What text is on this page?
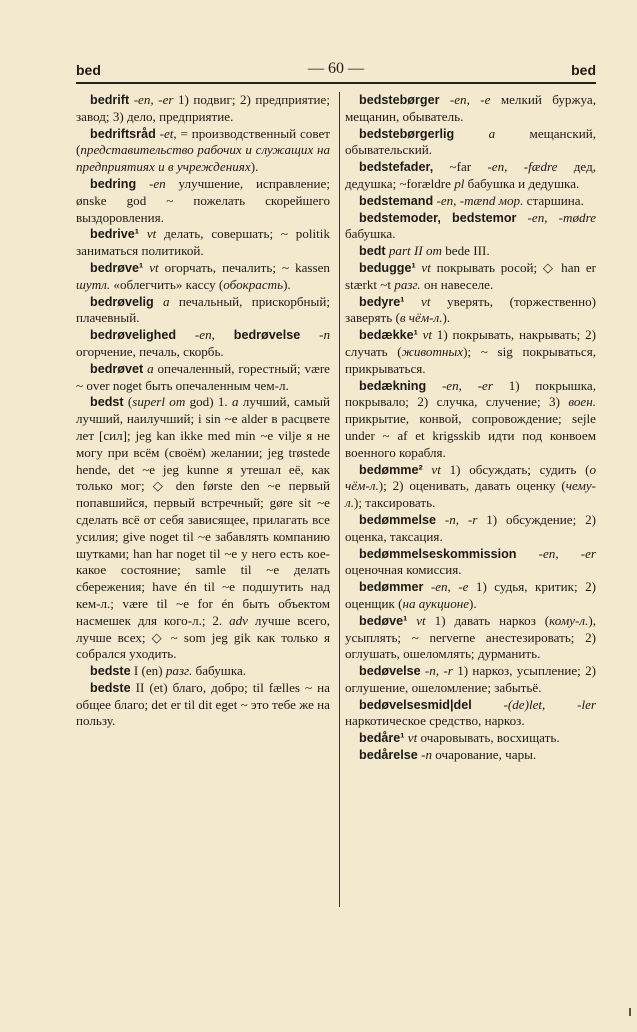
bed	— 60 —	bed

bedrift -en, -er 1) подвиг; 2) предприятие; завод; 3) дело, предприятие.

bedriftsråd -et, = производственный совет (представительство рабочих и служащих на предприятиях и в учреждениях).

bedring -en улучшение, исправление; ønske god ~ пожелать скорейшего выздоровления.

bedrive¹ vt делать, совершать; ~ politik заниматься политикой.

bedrøve¹ vt огорчать, печалить; ~ kassen шутл. «облегчить» кассу (обокрасть).

bedrøvelig a печальный, прискорбный; плачевный.

bedrøvelighed -en, bedrøvelse -n огорчение, печаль, скорбь.

bedrøvet a опечаленный, горестный; være ~ over noget быть опечаленным чем-л.

bedst (superl om god) 1. a лучший, самый лучший, наилучший; i sin ~e alder в расцвете лет [сил]; jeg kan ikke med min ~e vilje я не могу при всём (своём) желании; jeg trøstede hende, det ~e jeg kunne я утешал её, как только мог; ◇ den første den ~e первый попавшийся, первый встречный; gøre sit ~e сделать всё от себя зависящее, прилагать все усилия; give noget til ~e забавлять компанию шутками; han har noget til ~e у него есть кое-какое состояние; samle til ~e делать сбережения; have én til ~e подшутить над кем-л.; være til ~e for én быть объектом насмешек для кого-л.; 2. adv лучше всего, лучше всех; ◇ ~ som jeg gik как только я собрался уходить.

bedste I (en) разг. бабушка.

bedste II (et) благо, добро; til fælles ~ на общее благо; det er til dit eget ~ это тебе же на пользу.

bedstebørger -en, -e мелкий буржуа, мещанин, обыватель.

bedstebørgerlig a мещанский, обывательский.

bedstefader, ~far -en, -fædre дед, дедушка; ~forældre pl бабушка и дедушка.

bedstemand -en, -mænd мор. старшина.

bedstemoder, bedstemor -en, -mødre бабушка.

bedt part II om bede III.

bedugge¹ vt покрывать росой; ◇ han er stærkt ~t разг. он навеселе.

bedyre¹ vt уверять, (торжественно) заверять (в чём-л.).

bedække¹ vt 1) покрывать, накрывать; 2) случать (животных); ~ sig покрываться, прикрываться.

bedækning -en, -er 1) покрышка, покрывало; 2) случка, случение; 3) воен. прикрытие, конвой, сопровождение; sejle under ~ af et krigsskib идти под конвоем военного корабля.

bedømme² vt 1) обсуждать; судить (о чём-л.); 2) оценивать, давать оценку (чему-л.); таксировать.

bedømmelse -n, -r 1) обсуждение; 2) оценка, таксация.

bedømmelseskommission -en, -er оценочная комиссия.

bedømmer -en, -e 1) судья, критик; 2) оценщик (на аукционе).

bedøve¹ vt 1) давать наркоз (кому-л.), усыплять; ~ nerverne анестезировать; 2) оглушать, ошеломлять; дурманить.

bedøvelse -n, -r 1) наркоз, усыпление; 2) оглушение, ошеломление; забытьё.

bedøvelsesmid|del -(de)let, -ler наркотическое средство, наркоз.

bedåre¹ vt очаровывать, восхищать.

bedårelse -n очарование, чары.
